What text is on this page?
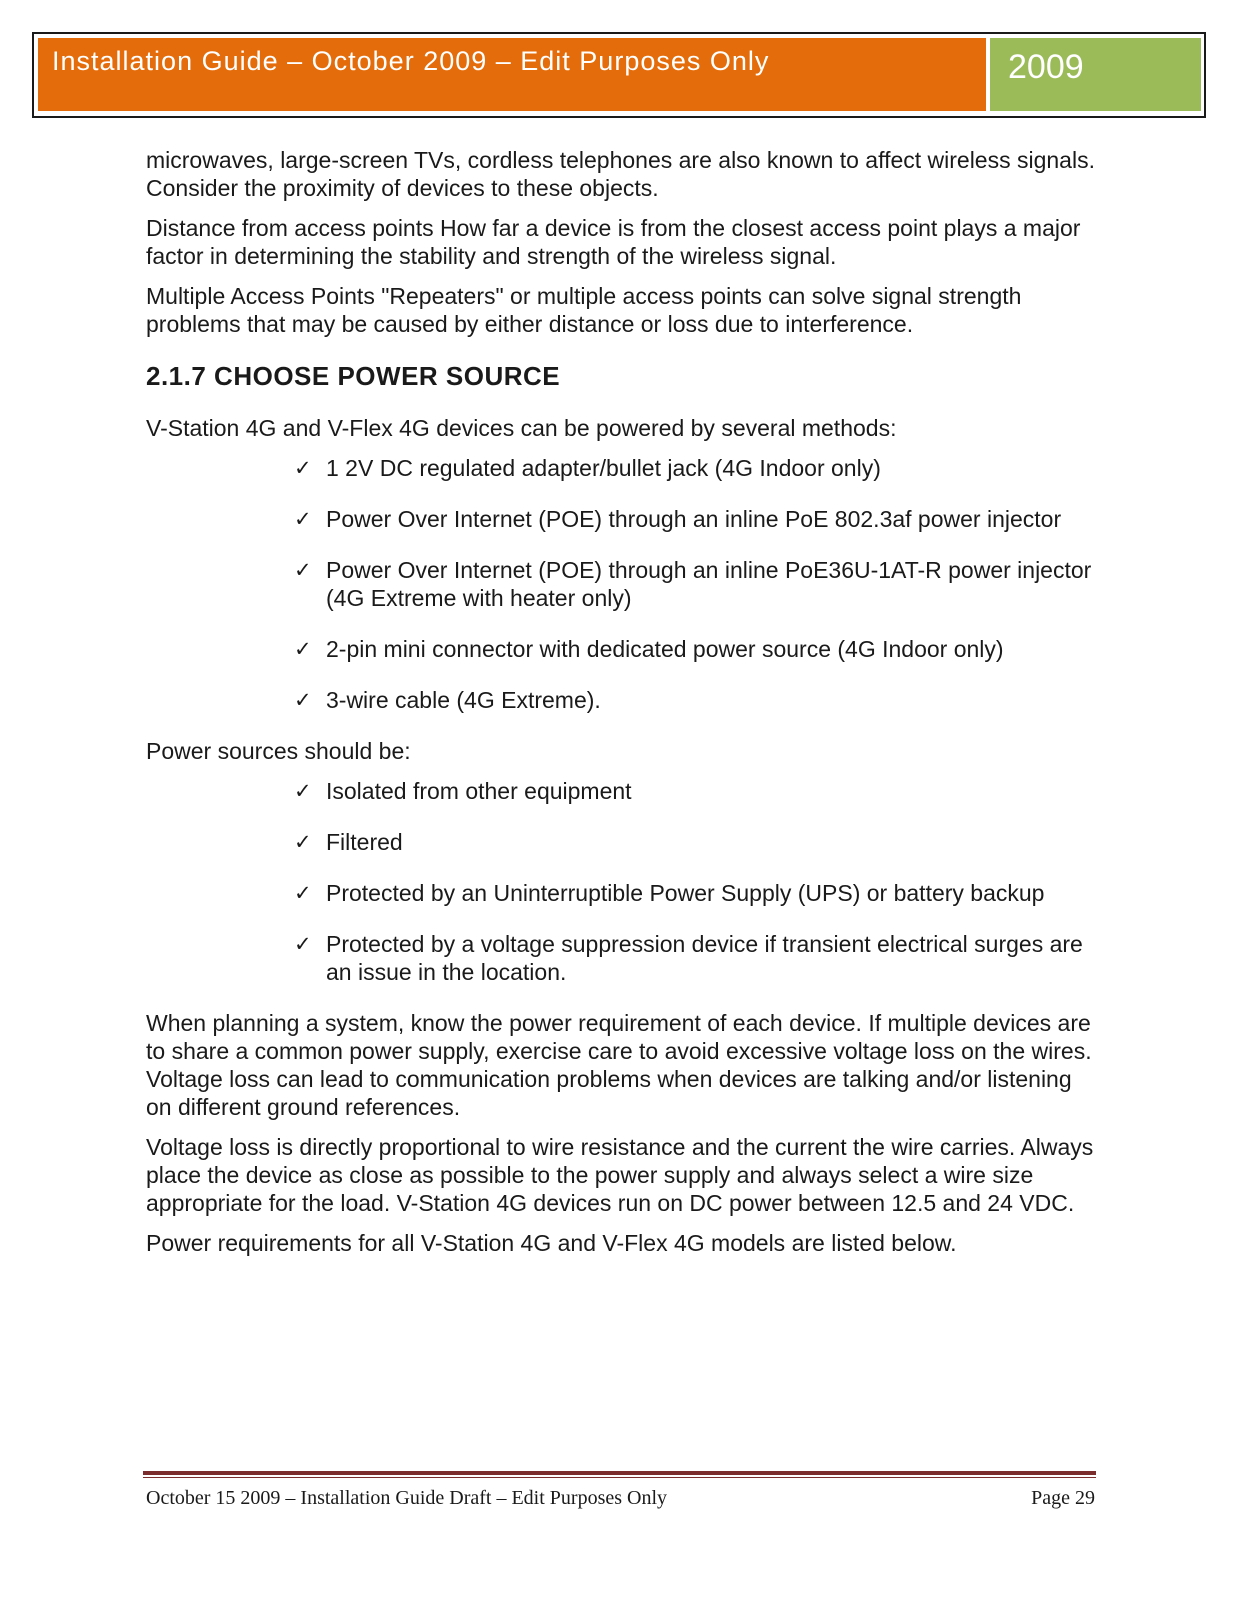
Installation Guide – October 2009 – Edit Purposes Only	2009

microwaves, large-screen TVs, cordless telephones are also known to affect wireless signals. Consider the proximity of devices to these objects.

Distance from access points How far a device is from the closest access point plays a major factor in determining the stability and strength of the wireless signal.

Multiple Access Points "Repeaters" or multiple access points can solve signal strength problems that may be caused by either distance or loss due to interference.

2.1.7 CHOOSE POWER SOURCE

V-Station 4G and V-Flex 4G devices can be powered by several methods:

✓ 1 2V DC regulated adapter/bullet jack (4G Indoor only)
✓ Power Over Internet (POE) through an inline PoE 802.3af power injector
✓ Power Over Internet (POE) through an inline PoE36U-1AT-R power injector (4G Extreme with heater only)
✓ 2-pin mini connector with dedicated power source (4G Indoor only)
✓ 3-wire cable (4G Extreme).

Power sources should be:

✓ Isolated from other equipment
✓ Filtered
✓ Protected by an Uninterruptible Power Supply (UPS) or battery backup
✓ Protected by a voltage suppression device if transient electrical surges are an issue in the location.

When planning a system, know the power requirement of each device. If multiple devices are to share a common power supply, exercise care to avoid excessive voltage loss on the wires. Voltage loss can lead to communication problems when devices are talking and/or listening on different ground references.

Voltage loss is directly proportional to wire resistance and the current the wire carries. Always place the device as close as possible to the power supply and always select a wire size appropriate for the load. V-Station 4G devices run on DC power between 12.5 and 24 VDC.

Power requirements for all V-Station 4G and V-Flex 4G models are listed below.

October 15 2009 – Installation Guide Draft – Edit Purposes Only	Page 29
